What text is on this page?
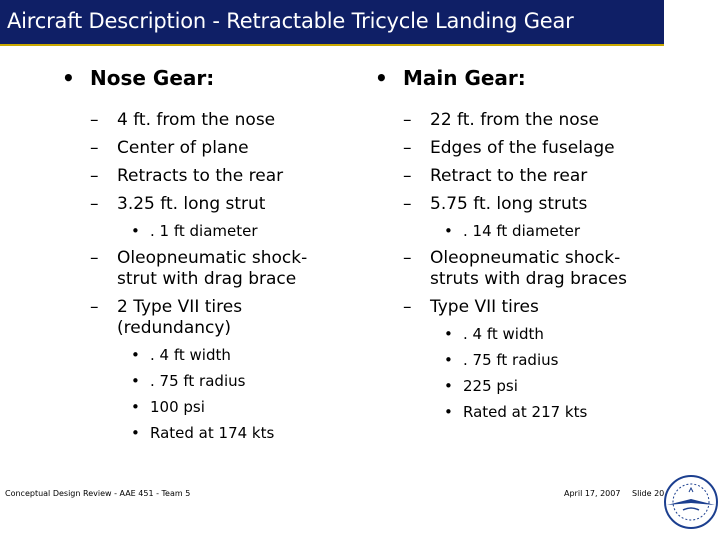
Aircraft Description - Retractable Tricycle Landing Gear
• Nose Gear:
– 4 ft. from the nose
– Center of plane
– Retracts to the rear
– 3.25 ft. long strut
• . 1 ft diameter
– Oleopneumatic shock-
strut with drag brace
– 2 Type VII tires
(redundancy)
• . 4 ft width
• . 75 ft radius
• 100 psi
• Rated at 174 kts
• Main Gear:
– 22 ft. from the nose
– Edges of the fuselage
– Retract to the rear
– 5.75 ft. long struts
• . 14 ft diameter
– Oleopneumatic shock-
struts with drag braces
– Type VII tires
• . 4 ft width
• . 75 ft radius
• 225 psi
• Rated at 217 kts
Conceptual Design Review - AAE 451 - Team 5	April 17, 2007 Slide 20
